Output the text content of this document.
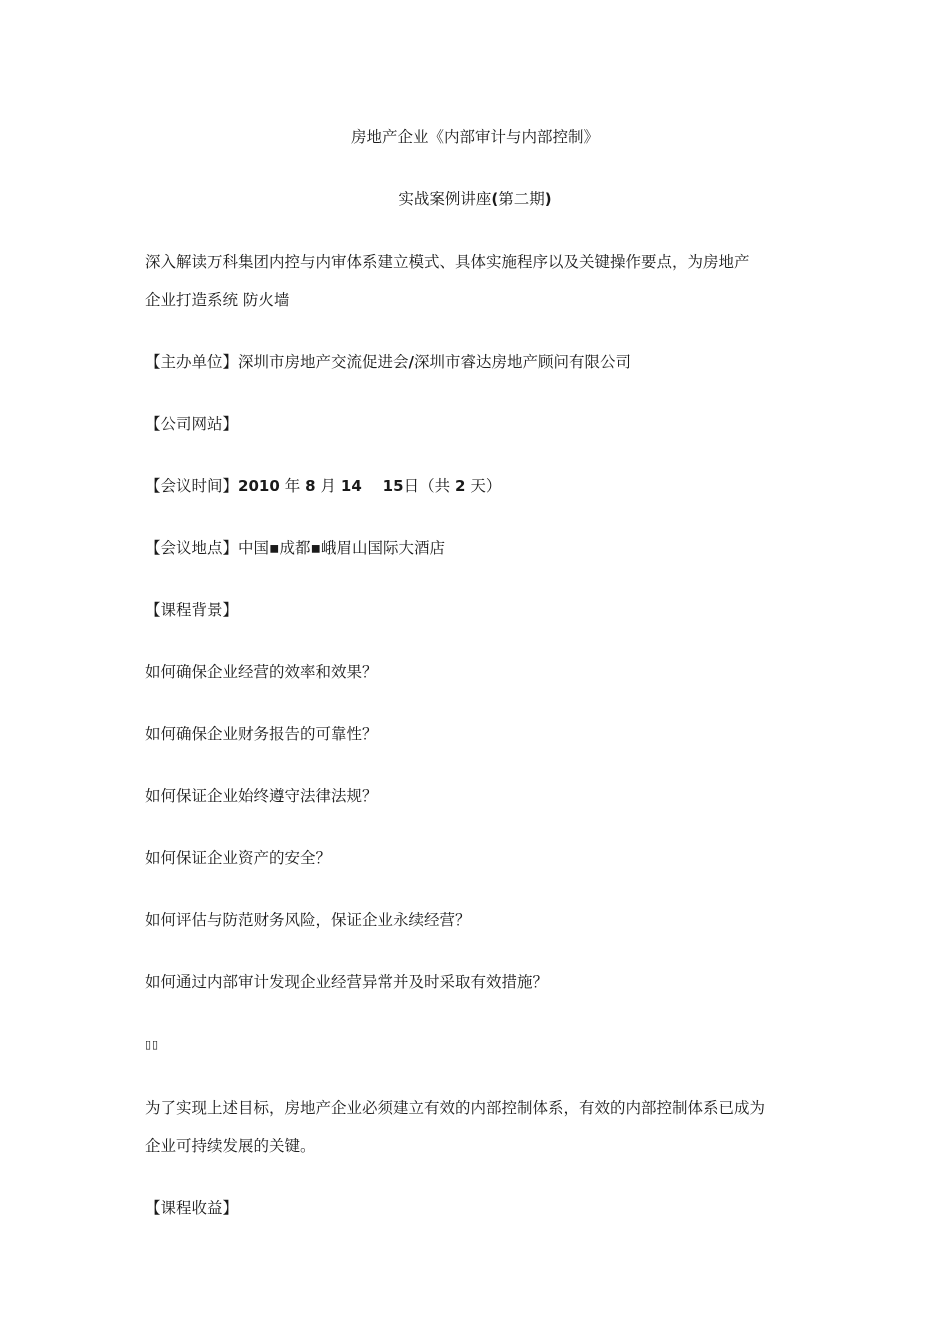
房地产企业《内部审计与内部控制》
实战案例讲座(第二期)
深入解读万科集团内控与内审体系建立模式、具体实施程序以及关键操作要点，为房地产
企业打造系统 防火墙
【主办单位】深圳市房地产交流促进会/深圳市睿达房地产顾问有限公司
【公司网站】
【会议时间】2010 年 8 月 14    15日（共 2 天）
【会议地点】中国▪成都▪峨眉山国际大酒店
【课程背景】
如何确保企业经营的效率和效果？
如何确保企业财务报告的可靠性？
如何保证企业始终遵守法律法规？
如何保证企业资产的安全？
如何评估与防范财务风险，保证企业永续经营？
如何通过内部审计发现企业经营异常并及时采取有效措施？
▯▯
为了实现上述目标，房地产企业必须建立有效的内部控制体系，有效的内部控制体系已成为
企业可持续发展的关键。
【课程收益】
